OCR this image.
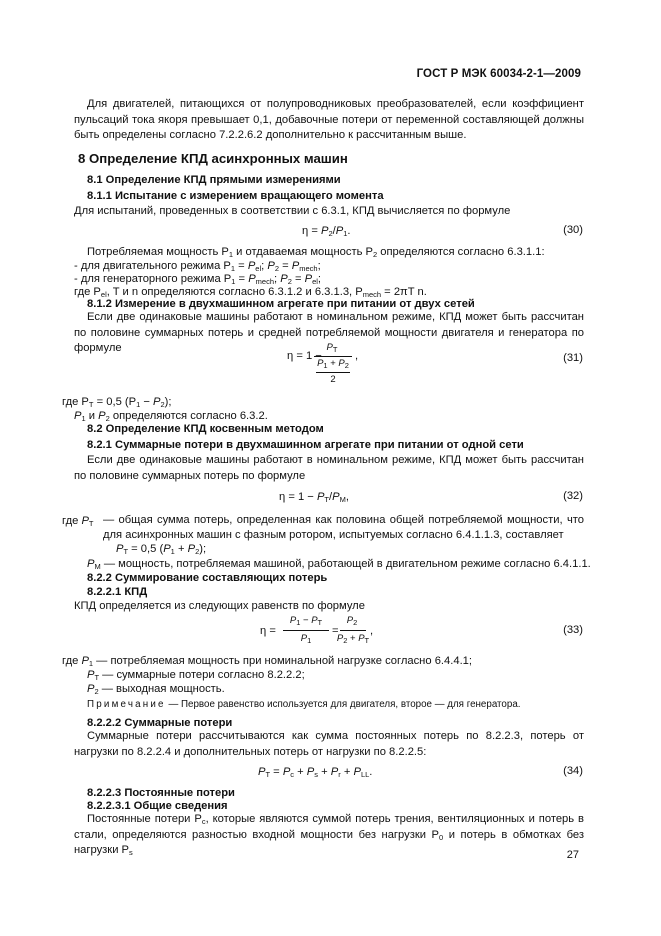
ГОСТ Р МЭК 60034-2-1—2009
Для двигателей, питающихся от полупроводниковых преобразователей, если коэффициент пульсаций тока якоря превышает 0,1, добавочные потери от переменной составляющей должны быть определены согласно 7.2.2.6.2 дополнительно к рассчитанным выше.
8 Определение КПД асинхронных машин
8.1 Определение КПД прямыми измерениями
8.1.1 Испытание с измерением вращающего момента
Для испытаний, проведенных в соответствии с 6.3.1, КПД вычисляется по формуле
$\eta = P_2/P_1$.	(30)
Потребляемая мощность $P_1$ и отдаваемая мощность $P_2$ определяются согласно 6.3.1.1:
- для двигательного режима $P_1 = P_{el}$; $P_2 = P_{mech}$;
- для генераторного режима $P_1 = P_{mech}$; $P_2 = P_{el}$;
где $P_{el}$, T и n определяются согласно 6.3.1.2 и 6.3.1.3, $P_{mech} = 2\pi T$ n.
8.1.2 Измерение в двухмашинном агрегате при питании от двух сетей
Если две одинаковые машины работают в номинальном режиме, КПД может быть рассчитан по половине суммарных потерь и средней потребляемой мощности двигателя и генератора по формуле
η = 1 −
$P_T$
$P_1 + P_2$
2
,	(31)
где $P_T = 0,5$ $(P_1 - P_2)$;
$P_1$ и $P_2$ определяются согласно 6.3.2.
8.2 Определение КПД косвенным методом
8.2.1 Суммарные потери в двухмашинном агрегате при питании от одной сети
Если две одинаковые машины работают в номинальном режиме, КПД может быть рассчитан по половине суммарных потерь по формуле
$\eta = 1 - P_T/P_M$,	(32)
где $P_T$ — общая сумма потерь, определенная как половина общей потребляемой мощности, что для асинхронных машин с фазным ротором, испытуемых согласно 6.4.1.1.3, составляет
$P_T = 0,5$ $(P_1 + P_2)$;
$P_M$ — мощность, потребляемая машиной, работающей в двигательном режиме согласно 6.4.1.1.
8.2.2 Суммирование составляющих потерь
8.2.2.1 КПД
КПД определяется из следующих равенств по формуле
η =
$P_1 - P_T$
$P_1$
=
$P_2$
$P_2 + P_T$
,	(33)
где $P_1$ — потребляемая мощность при номинальной нагрузке согласно 6.4.4.1;
$P_T$ — суммарные потери согласно 8.2.2.2;
$P_2$ — выходная мощность.
Примечание — Первое равенство используется для двигателя, второе — для генератора.
8.2.2.2 Суммарные потери
Суммарные потери рассчитываются как сумма постоянных потерь по 8.2.2.3, потерь от нагрузки по 8.2.2.4 и дополнительных потерь от нагрузки по 8.2.2.5:
$P_T = P_c + P_s + P_r + P_{LL}$.	(34)
8.2.2.3 Постоянные потери
8.2.2.3.1 Общие сведения
Постоянные потери $P_c$, которые являются суммой потерь трения, вентиляционных и потерь в стали, определяются разностью входной мощности без нагрузки $P_0$ и потерь в обмотках без нагрузки $P_s$	27
